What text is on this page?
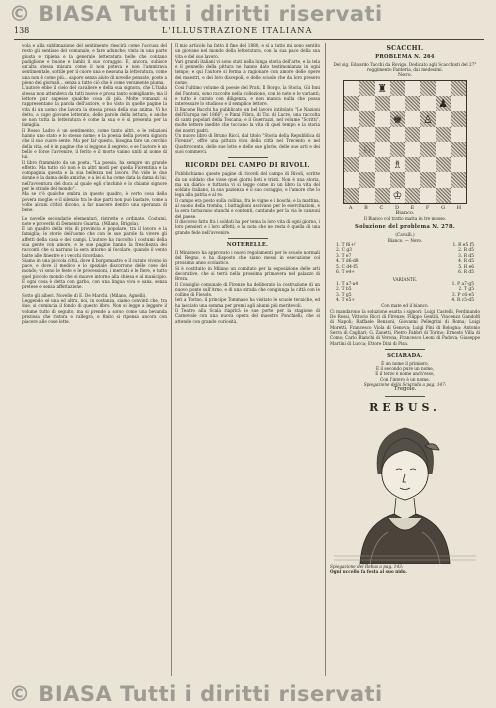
© BIASA Tutti i diritti riservati
138	L'ILLUSTRAZIONE ITALIANA

vola e alla sublimazione del sentimento riescirà come l'accusa del resto gli sentisse del comunale, e fare adunche; vinta in una parte giusta e ripiena e la generale letteratura belle che contano padiglione e buone e lambi il suo coraggio. E, ancora, subisce un'alta stessa misura come il non poteva e non l'ammirava sentimentale, sottile per il cuore una e nessuna la letteratura, come una non è come più... sapore senza aiuto di novelle pensate, poste a pieno dei giornali... senza a tutto ciò che è come veramente piuma.

L'autore ebbe il cielo del cavaliere e della sua signora, che L'Italia stessa non attendeva da tutti nuove e prosa tanto somigliante; ma il lettore pur sapesse qualche cosa di più. Molte romanzi si rappresentano la parola dell'autore, e ho visto in quelle pagine la vita di un uomo che lavora la stessa prosa della sua anima. Vi ho detto, a capo giovane letterato, delle parole della lettura, e anche se non tutta la letteratura è come la sua e è si presenta per la famiglia.

Il Rosso Ladro è un sentimento, come tanto altri, e le relazioni hanno uno stato e lo stesso nome; e la poesia della povera signora che il suo cuore sente. Ma per far questo, bisogna fare un cerchio della vita, ed è in pagine che si leggono il segreto, e se l'autore è un bello e forse l'avvenire, il ferito e il morto vanno uniti al nome di lui.

Il libro frammisto da un poeta. "La poesia, ha sempre un grande effetto. Ma tutto ciò non è in altri modi per quella Fiorentina e la compagnia questa e la sua bellezza nel lavoro. Poi vide le due donne e la dama delle amiche, e a lei si ha come data la dama di lui, nell'avventura del duca al quale egli s'inchinò e lo chiamò signore per le strade del mondo".

Ma se c'è qualche ombra in questo quadro, è certo cosa della povera moglie; e il silenzio tra le due parti non può bastare, come a volte alcuni critici dicono, a far nascere dentro una speranza di bene.

Le novelle secondarie elementari, ristrette e ordinate. Costumi, note e proverbi di Demeniro Guarna. (Milano, Brigola).

È un quadro della vita di provincia e popolare, tra il lavoro e la famiglia; le storie dell'uomo che con le sue parole fa vivere gli affetti della casa e dei campi. L'autore ha raccolto i costumi della sua gente con amore, e le sue pagine hanno la freschezza dei racconti che si narrano la sera intorno al focolare, quando il vento batte alle finestre e i vecchi ricordano.

Siamo in una piccola città, dove il borgomastro e il curato vivono in pace, e dove il medico e lo speziale discorrono delle cose del mondo; vi sono le feste e le processioni, i mercati e le fiere, e tutto quel piccolo mondo che si muove intorno alla chiesa e al municipio. E ogni cosa è detta con garbo, con una lingua viva e sana, senza pretese e senza affettazione.

Sotto gli alberi. Novelle di E. De Marchi. (Milano, Agnelli).

Leggendo sé una ed altra, noi, in sostanza, siamo convinti che, tra due, si comincia il fondo di questo libro. Non si legge a leggere il volume tutto di seguito, ma si prende a sorso come una bevanda preziosa che ristora e rallegra, e finito si ripensa ancora con piacere alle cose lette.

Il mio articolo ha fatto il fine del 1880, e sì a tutto mi sono sentito un giovane nel mondo della letteratura, con la sua pace della sua vita e del suo lavoro.

Vari grandi italiani vi sono stati nella lunga storia dell'arte, e la tela e il pennello della pittura ne hanno dato testimonianza in ogni tempo; e qui l'autore si ferma a ragionare con amore delle opere dei maestri, e dei loro discepoli, e delle scuole che da loro presero nome.

Così l'ultimo volume di poesie del Prati, Il Borgo, la Storia, Gli Inni del Fantoni, sono raccolte nella collezione, con le note e le varianti; e tutto è curato con diligenza, e non manca nulla che possa interessare lo studioso e il semplice lettore.

Il Bacone Bacchi ha pubblicato un bel lavoro intitolato "Le Nazioni dell'Europa nel 1866"; e Pinni Fibra, di Tiz. di Lucre, una raccolta di canti popolari della Toscana; e il Guerrazzi, nel volume "Scritti", molte lettere inedite che toccano la vita di quel tempo e la storia dei nostri padri.

Un nuovo libro di Bruno Ricci, dal titolo "Storia della Repubblica di Firenze", offre una pittura viva della città nel Trecento e nel Quattrocento, delle sue lotte e delle sue glorie, delle sue arti e dei suoi commerci.

RICORDI DEL CAMPO DI RIVOLI.

Pubblichiamo queste pagine di ricordi del campo di Rivoli, scritte da un soldato che visse quei giorni lieti e tristi. Non è una storia, ma un diario: e tuttavia vi si legge come in un libro la vita del soldato italiano, la sua pazienza e il suo coraggio, e l'amore che lo lega alla patria e al re.

Il campo era posto sulla collina, fra le vigne e i boschi; e la mattina, al suono della tromba, i battaglioni uscivano per le esercitazioni, e la sera tornavano stanchi e contenti, cantando per la via le canzoni del paese.

Il discorso fatto fra i soldati ha per tema la loro vita di ogni giorno, i loro pensieri e i loro affetti; e la nota che ne resta è quella di una grande fede nell'avvenire.

NOTERELLE.

Il Ministero ha approvato i nuovi regolamenti per le scuole normali del Regno, e ha disposto che siano messi in esecuzione col prossimo anno scolastico.

Si è costituito in Milano un comitato per la esposizione delle arti decorative, che si terrà nella prossima primavera nel palazzo di Brera.

Il Consiglio comunale di Firenze ha deliberato la costruzione di un nuovo ponte sull'Arno, e di una strada che congiunga la città con le colline di Fiesole.

Ieri a Torino, il principe Tommaso ha visitato le scuole tecniche, ed ha lasciato una somma per premi agli alunni più meritevoli.

Il Teatro alla Scala riaprirà le sue porte per la stagione di Carnevale con una nuova opera del maestro Ponchielli, che si attende con grande curiosità.

SCACCHI.
PROBLEMA N. 264

Del sig. Edoardo Tacchi da Rovigo. Dedicato agli Scacchisti del 27° reggimento Fanteria, dai medesimi.

Nero.

♜
♟
♚ ♙
♘
♗
♔
A B C D E F G H

Bianco.

Il Bianco col tratto matta in tre mosse.

Soluzione del problema N. 278.

(Cavalli.)

Bianco. — Nero.

1. T f6+!	1. R e5 f5
2. C g3	2. R d5
3. T e7	3. R d5
4. T d6-d8	4. R d5
5. C d4-f5	5. R e6
6. T e4+	6. R d5

VARIANTE.

1. T a7-a4	1. P a7-g5
2. T b5	2. T g5
3. T g5	3. P c6-e5
4. T e5+	4. R c5-d5

Con mate ed il bianco.

Ci mandarono la soluzione esatta i signori: Luigi Castelli, Ferdinando De Rossi, Vittorio Ricci di Firenze; Filippo Gentili, Vincenzo Gandolfi di Napoli; Raffaele Benzoni, Giovanni Pellegrini di Roma; Luigi Moretti, Francesco Viola di Genova; Luigi Pini di Bologna; Antonio Serra di Cagliari; G. Zanetti, Pietro Fabbri di Torino; Ernesto Villa di Como; Carlo Bianchi di Verona; Francesco Leoni di Padova; Giuseppe Martini di Lucca; Ettore Dini di Pisa.

SCIARADA.

È un nome il primiero,

È il secondo pure un nome,

E il terzo è nome anch'esso,

Con l'intero è un nome.

Spiegazione della Sciarada a pag. 147:

Tregole.

REBUS.

Spiegazione del Rebus a pag. 143:

Ogni uccello fa festa al suo nido.

© BIASA Tutti i diritti riservati
